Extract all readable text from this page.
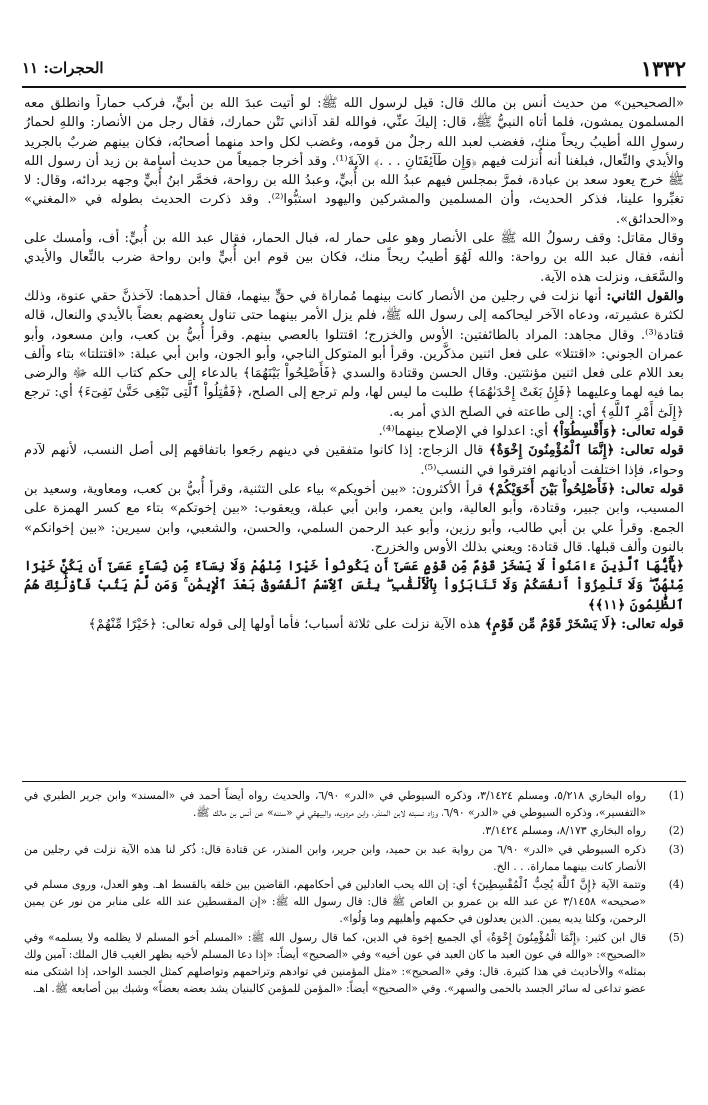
١٣٣٢
الحجرات: ١١

«الصحيحين» من حديث أنس بن مالك قال: قيل لرسول الله ﷺ: لو أتيت عبدَ الله بن أُبيٍّ، فركب حماراً وانطلق معه المسلمون يمشون، فلما أتاه النبيُّ ﷺ، قال: إليكَ عنِّي، فوالله لقد آذاني نَتْن حمارك، فقال رجل من الأنصار: واللهِ لحمارُ رسولِ الله أطيبُ ريحاً منك، فغضب لعبد الله رجلٌ من قومه، وغضب لكل واحد منهما أصحابُه، فكان بينهم ضربٌ بالجريد والأيدي والنِّعال، فبلغنا أنه أُنزلت فيهم ﴿وَإِن طَآئِفَتَانِ . . .﴾ الآيةَ⁽¹⁾. وقد أخرجا جميعاً من حديث أسامة بن زيد أن رسول الله ﷺ خرج يعود سعد بن عبادة، فمرَّ بمجلس فيهم عبدُ الله بن أُبيٍّ، وعبدُ الله بن رواحة، فخمَّر ابنُ أُبيٍّ وجهه بردائه، وقال: لا تغبِّروا علينا، فذكر الحديث، وأن المسلمين والمشركين واليهود استبُّوا⁽²⁾. وقد ذكرت الحديث بطوله في «المغني» و«الحدائق».

وقال مقاتل: وقف رسولُ الله ﷺ على الأنصار وهو على حمار له، فبال الحمار، فقال عبد الله بن أُبيٍّ: أف، وأمسك على أنفه، فقال عبد الله بن رواحة: والله لَهُوَ أطيبُ ريحاً منك، فكان بين قوم ابن أُبيٍّ وابن رواحة ضرب بالنِّعال والأيدي والسَّعَف، ونزلت هذه الآية.

والقول الثاني: أنها نزلت في رجلين من الأنصار كانت بينهما مُماراة في حقٍّ بينهما، فقال أحدهما: لآخذنَّ حقي عنوة، وذلك لكثرة عشيرته، ودعاه الآخر ليحاكمه إلى رسول الله ﷺ، فلم يزل الأمر بينهما حتى تناول بعضهم بعضاً بالأيدي والنعال، قاله قتادة⁽³⁾. وقال مجاهد: المراد بالطائفتين: الأوس والخزرج؛ اقتتلوا بالعصي بينهم. وقرأ أُبيُّ بن كعب، وابن مسعود، وأبو عمران الجوني: «اقتتلا» على فعل اثنين مذكَّرين. وقرأ أبو المتوكل الناجي، وأبو الجون، وابن أبي عبلة: «اقتتلتا» بتاء وألف بعد اللام على فعل اثنين مؤنثتين. وقال الحسن وقتادة والسدي ﴿فَأَصْلِحُواْ بَيْنَهُمَا﴾ بالدعاء إلى حكم كتاب الله ﷻ والرضى بما فيه لهما وعليهما ﴿فَإِنۢ بَغَتْ إِحْدَىٰهُمَا﴾ طلبت ما ليس لها، ولم ترجع إلى الصلح، ﴿فَقَٰتِلُواْ ٱلَّتِى تَبْغِى حَتَّىٰ تَفِىٓءَ﴾ أي: ترجع ﴿إِلَىٰٓ أَمْرِ ٱللَّهِ﴾ أي: إلى طاعته في الصلح الذي أمر به.

قوله تعالى: ﴿وَأَقْسِطُوٓاْ﴾ أي: اعدلوا في الإصلاح بينهما⁽⁴⁾.

قوله تعالى: ﴿إِنَّمَا ٱلْمُؤْمِنُونَ إِخْوَةٌ﴾ قال الزجاج: إذا كانوا متفقين في دينهم رجَعوا باتفاقهم إلى أصل النسب، لأنهم لآدم وحواء، فإذا اختلفت أديانهم افترقوا في النسب⁽⁵⁾.

قوله تعالى: ﴿فَأَصْلِحُواْ بَيْنَ أَخَوَيْكُمْ﴾ قرأ الأكثرون: «بين أخويكم» بياء على التثنية، وقرأ أُبيُّ بن كعب، ومعاوية، وسعيد بن المسيب، وابن جبير، وقتادة، وأبو العالية، وابن يعمر، وابن أبي عبلة، ويعقوب: «بين إخوتكم» بتاء مع كسر الهمزة على الجمع. وقرأ علي بن أبي طالب، وأبو رزين، وأبو عبد الرحمن السلمي، والحسن، والشعبي، وابن سيرين: «بين إخوانكم» بالنون وألف قبلها. قال قتادة: ويعني بذلك الأوس والخزرج.

﴿يَٰٓأَيُّهَا ٱلَّذِينَ ءَامَنُواْ لَا يَسْخَرْ قَوْمٌ مِّن قَوْمٍ عَسَىٰٓ أَن يَكُونُواْ خَيْرًا مِّنْهُمْ وَلَا نِسَآءٌ مِّن نِّسَآءٍ عَسَىٰٓ أَن يَكُنَّ خَيْرًا مِّنْهُنَّ ۖ وَلَا تَلْمِزُوٓاْ أَنفُسَكُمْ وَلَا تَنَابَزُواْ بِٱلْأَلْقَٰبِ ۖ بِئْسَ ٱلِٱسْمُ ٱلْفُسُوقُ بَعْدَ ٱلْإِيمَٰنِ ۚ وَمَن لَّمْ يَتُبْ فَأُوْلَٰٓئِكَ هُمُ ٱلظَّٰلِمُونَ ﴿١١﴾﴾

قوله تعالى: ﴿لَا يَسْخَرْ قَوْمٌ مِّن قَوْمٍ﴾ هذه الآية نزلت على ثلاثة أسباب؛ فأما أولها إلى قوله تعالى: ﴿خَيْرًا مِّنْهُمْ﴾

(1)
رواه البخاري ٥/٢١٨، ومسلم ٣/١٤٢٤، وذكره السيوطي في «الدر» ٦/٩٠، والحديث رواه أيضاً أحمد في «المسند» وابن جرير الطبري في «التفسير»، وذكره السيوطي في «الدر» ٦/٩٠، وزاد نسبته لابن المنذر، وابن مردويه، والبيهقي في «سننه» عن أنس بن مالك ﷺ.

(2)
رواه البخاري ٨/١٧٣، ومسلم ٣/١٤٢٤.

(3)
ذكره السيوطي في «الدر» ٦/٩٠ من رواية عبد بن حميد، وابن جرير، وابن المنذر، عن قتادة قال: ذُكر لنا هذه الآية نزلت في رجلين من الأنصار كانت بينهما مماراة. . . الخ.

(4)
وتتمة الآية ﴿إِنَّ ٱللَّهَ يُحِبُّ ٱلْمُقْسِطِينَ﴾ أي: إن الله يحب العادلين في أحكامهم، القاضين بين خلقه بالقسط اهـ. وهو العدل، وروى مسلم في «صحيحه» ٣/١٤٥٨ عن عبد الله بن عمرو بن العاص ﷺ قال: قال رسول الله ﷺ: «إن المقسطين عند الله على منابر من نور عن يمين الرحمن، وكلتا يديه يمين. الذين يعدلون في حكمهم وأهليهم وما وَلُوا».

(5)
قال ابن كثير: ﴿إِنَّمَا ٱلْمُؤْمِنُونَ إِخْوَةٌ﴾ أي الجميع إخوة في الدين، كما قال رسول الله ﷺ: «المسلم أخو المسلم لا يظلمه ولا يسلمه» وفي «الصحيح»: «والله في عون العبد ما كان العبد في عون أخيه» وفي «الصحيح» أيضاً: «إذا دعا المسلم لأخيه بظهر الغيب قال الملك: آمين ولك بمثله» والأحاديث في هذا كثيرة. قال: وفي «الصحيح»: «مثل المؤمنين في توادهم وتراحمهم وتواصلهم كمثل الجسد الواحد، إذا اشتكى منه عضو تداعى له سائر الجسد بالحمى والسهر». وفي «الصحيح» أيضاً: «المؤمن للمؤمن كالبنيان يشد بعضه بعضاً» وشبك بين أصابعه ﷺ. اهـ.
